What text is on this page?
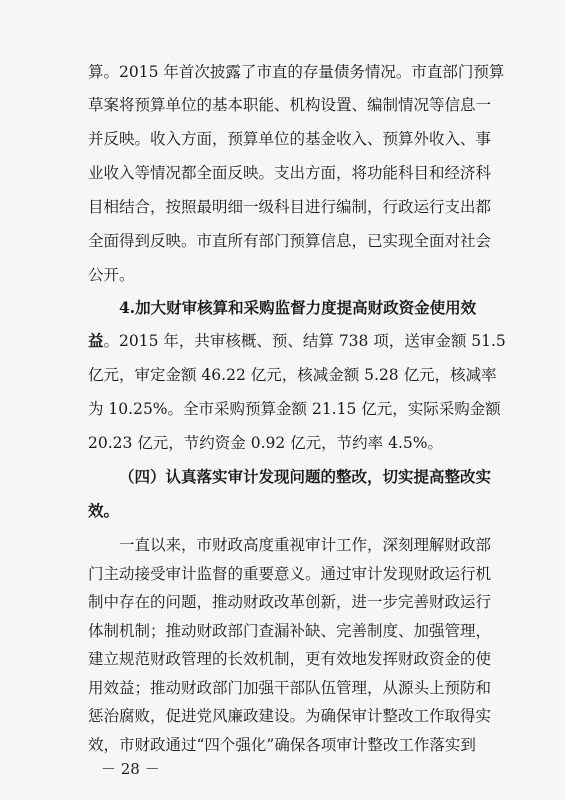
算。2015 年首次披露了市直的存量债务情况。市直部门预算
草案将预算单位的基本职能、机构设置、编制情况等信息一
并反映。收入方面，预算单位的基金收入、预算外收入、事
业收入等情况都全面反映。支出方面，将功能科目和经济科
目相结合，按照最明细一级科目进行编制，行政运行支出都
全面得到反映。市直所有部门预算信息，已实现全面对社会
公开。
4.加大财审核算和采购监督力度提高财政资金使用效
益。2015 年，共审核概、预、结算 738 项，送审金额 51.5
亿元，审定金额 46.22 亿元，核减金额 5.28 亿元，核减率
为 10.25%。全市采购预算金额 21.15 亿元，实际采购金额
20.23 亿元，节约资金 0.92 亿元，节约率 4.5%。
（四）认真落实审计发现问题的整改，切实提高整改实
效。
一直以来，市财政高度重视审计工作，深刻理解财政部
门主动接受审计监督的重要意义。通过审计发现财政运行机
制中存在的问题，推动财政改革创新，进一步完善财政运行
体制机制；推动财政部门查漏补缺、完善制度、加强管理，
建立规范财政管理的长效机制，更有效地发挥财政资金的使
用效益；推动财政部门加强干部队伍管理，从源头上预防和
－ 28 －
惩治腐败，促进党风廉政建设。为确保审计整改工作取得实
效，市财政通过“四个强化”确保各项审计整改工作落实到
